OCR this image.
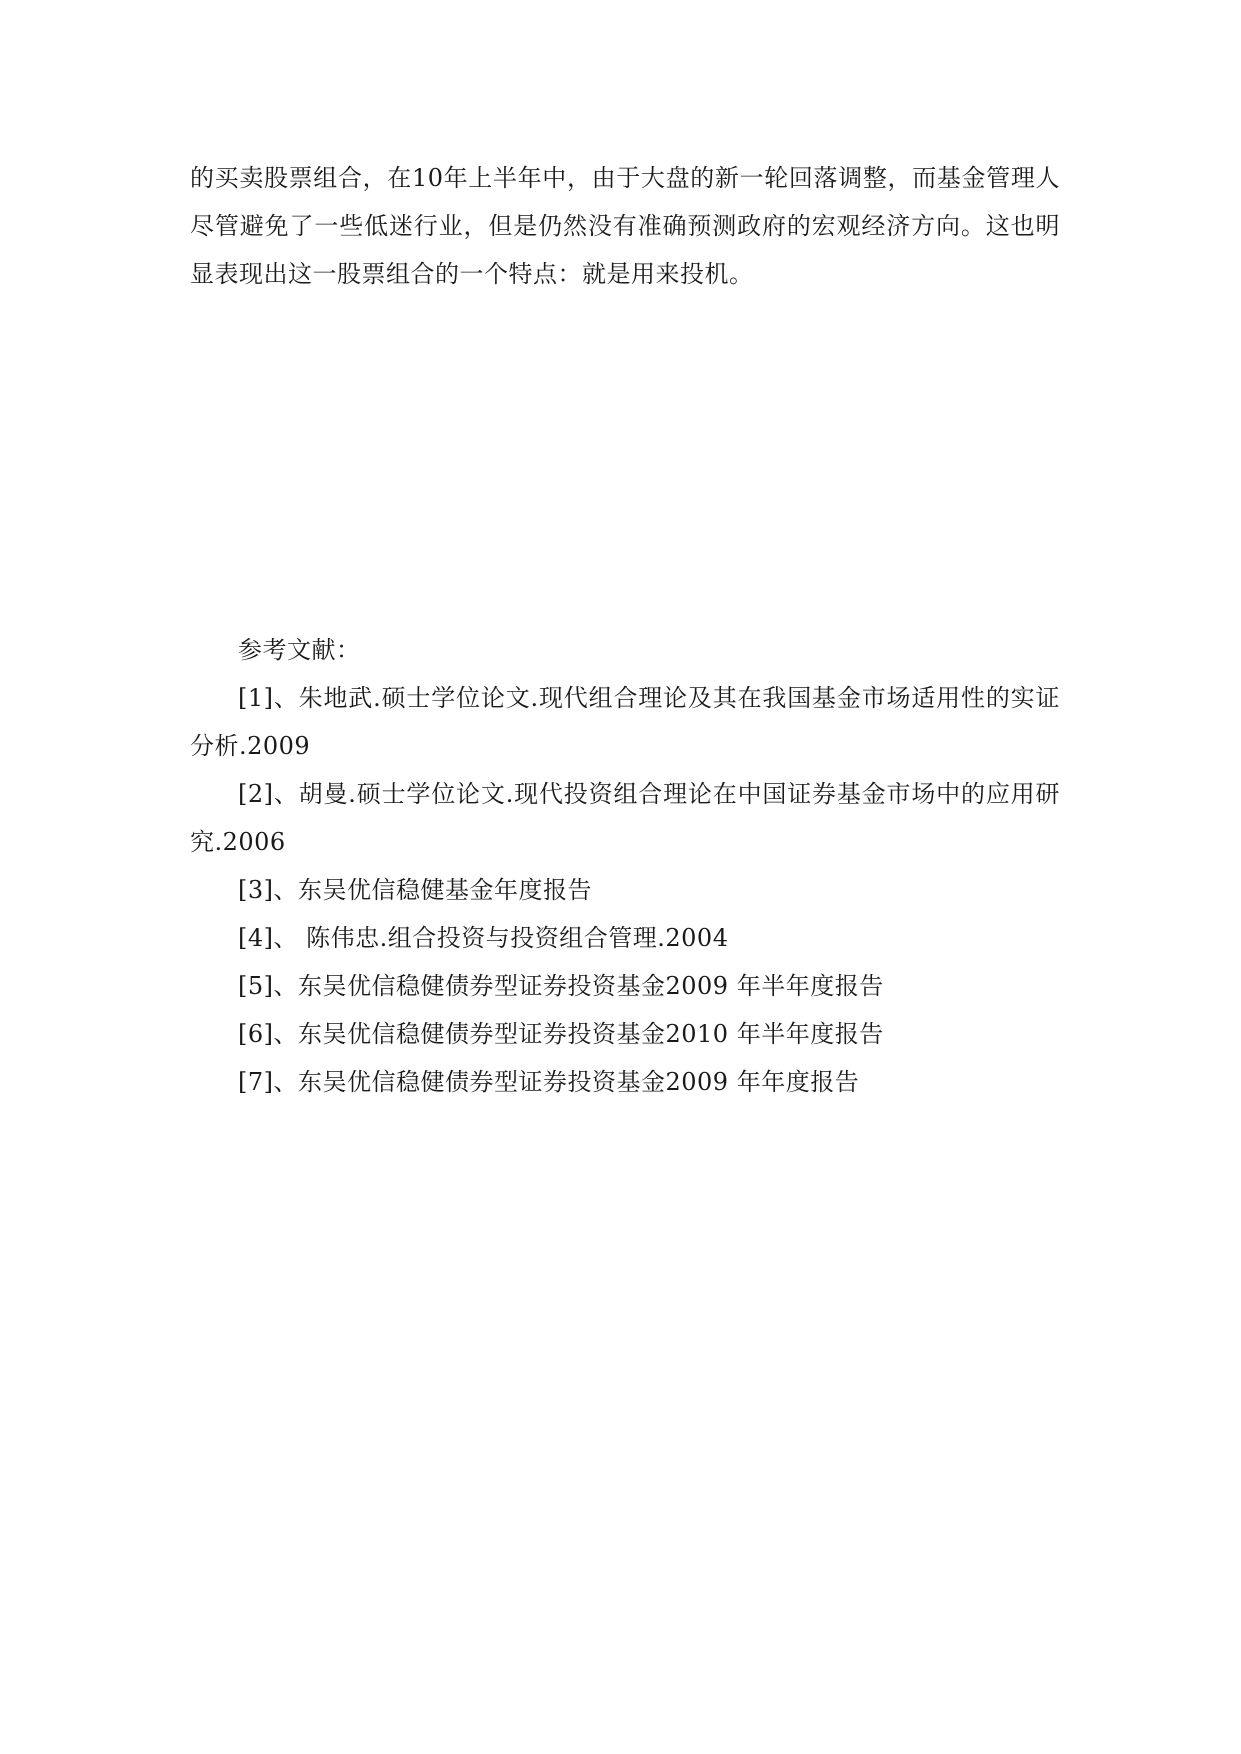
的买卖股票组合，在10年上半年中，由于大盘的新一轮回落调整，而基金管理人尽管避免了一些低迷行业，但是仍然没有准确预测政府的宏观经济方向。这也明显表现出这一股票组合的一个特点：就是用来投机。

参考文献：

[1]、朱地武.硕士学位论文.现代组合理论及其在我国基金市场适用性的实证分析.2009
[2]、胡曼.硕士学位论文.现代投资组合理论在中国证券基金市场中的应用研究.2006
[3]、东吴优信稳健基金年度报告
[4]、 陈伟忠.组合投资与投资组合管理.2004
[5]、东吴优信稳健债券型证券投资基金2009 年半年度报告
[6]、东吴优信稳健债券型证券投资基金2010 年半年度报告
[7]、东吴优信稳健债券型证券投资基金2009 年年度报告
